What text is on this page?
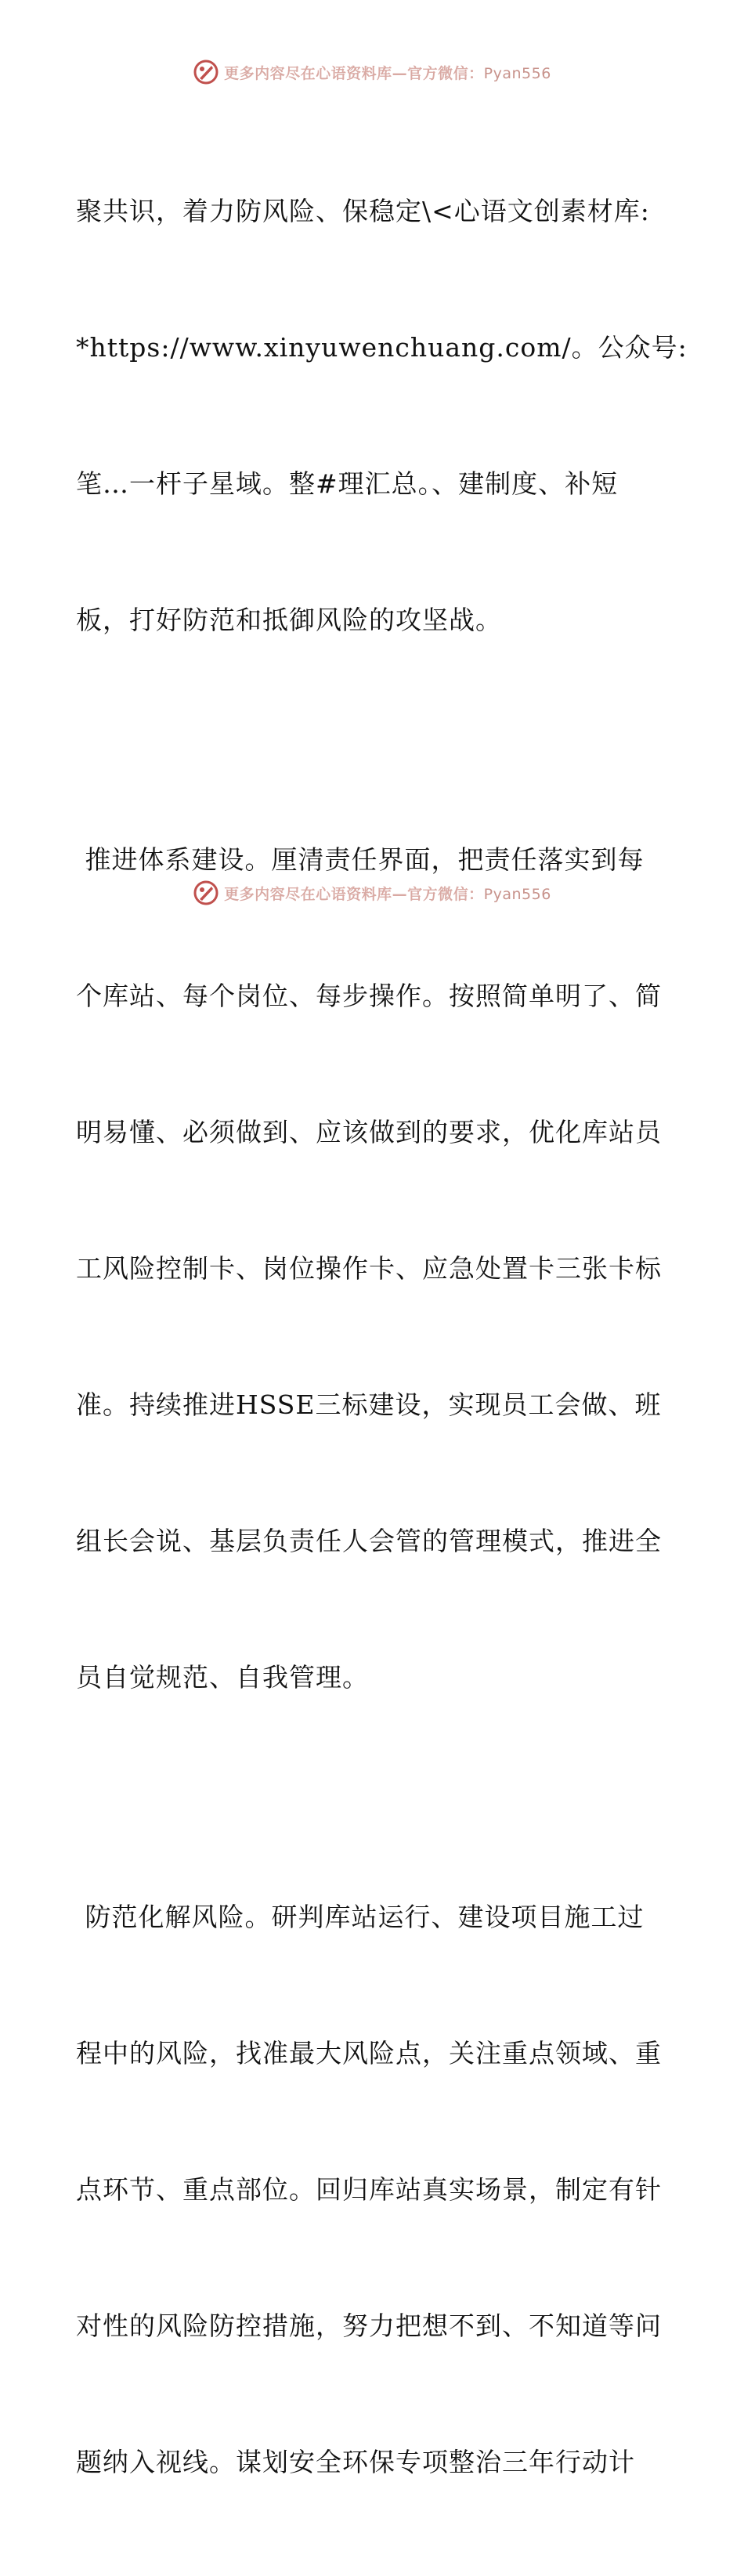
更多内容尽在心语资料库—官方微信：Pyan556

聚共识，着力防风险、保稳定\<心语文创素材库:

*https://www.xinyuwenchuang.com/。公众号:

笔…一杆子星域。整#理汇总。、建制度、补短

板，打好防范和抵御风险的攻坚战。

推进体系建设。厘清责任界面，把责任落实到每

个库站、每个岗位、每步操作。按照简单明了、简

明易懂、必须做到、应该做到的要求，优化库站员

工风险控制卡、岗位操作卡、应急处置卡三张卡标

准。持续推进HSSE三标建设，实现员工会做、班

组长会说、基层负责任人会管的管理模式，推进全

员自觉规范、自我管理。

防范化解风险。研判库站运行、建设项目施工过

程中的风险，找准最大风险点，关注重点领域、重

点环节、重点部位。回归库站真实场景，制定有针

对性的风险防控措施，努力把想不到、不知道等问

题纳入视线。谋划安全环保专项整治三年行动计

更多内容尽在心语资料库—官方微信：Pyan556
